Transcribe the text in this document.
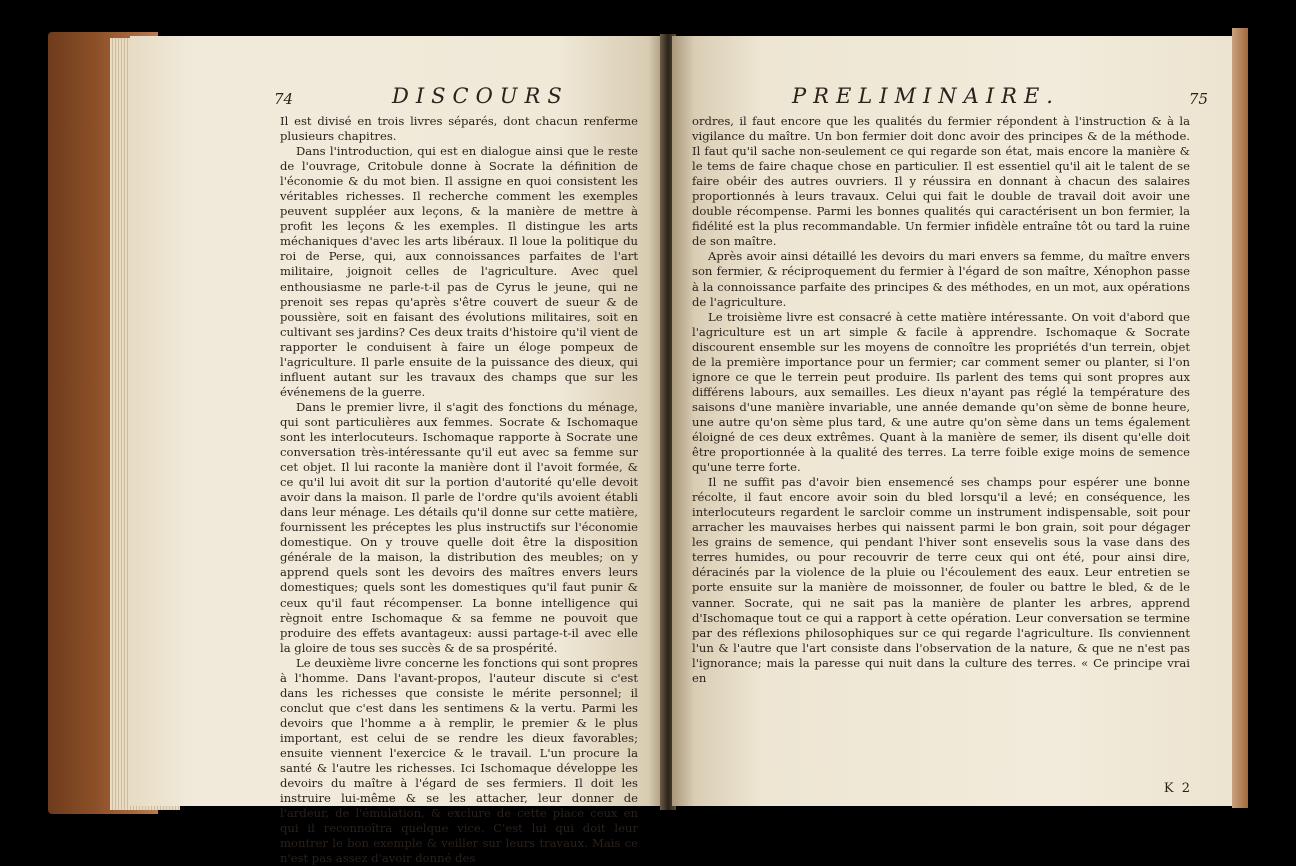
74	DISCOURS

Il est divisé en trois livres séparés, dont chacun renferme plusieurs chapitres.

Dans l'introduction, qui est en dialogue ainsi que le reste de l'ouvrage, Critobule donne à Socrate la définition de l'économie & du mot bien. Il assigne en quoi consistent les véritables richesses. Il recherche comment les exemples peuvent suppléer aux leçons, & la manière de mettre à profit les leçons & les exemples. Il distingue les arts méchaniques d'avec les arts libéraux. Il loue la politique du roi de Perse, qui, aux connoissances parfaites de l'art militaire, joignoit celles de l'agriculture. Avec quel enthousiasme ne parle-t-il pas de Cyrus le jeune, qui ne prenoit ses repas qu'après s'être couvert de sueur & de poussière, soit en faisant des évolutions militaires, soit en cultivant ses jardins? Ces deux traits d'histoire qu'il vient de rapporter le conduisent à faire un éloge pompeux de l'agriculture. Il parle ensuite de la puissance des dieux, qui influent autant sur les travaux des champs que sur les événemens de la guerre.

Dans le premier livre, il s'agit des fonctions du ménage, qui sont particulières aux femmes. Socrate & Ischomaque sont les interlocuteurs. Ischomaque rapporte à Socrate une conversation très-intéressante qu'il eut avec sa femme sur cet objet. Il lui raconte la manière dont il l'avoit formée, & ce qu'il lui avoit dit sur la portion d'autorité qu'elle devoit avoir dans la maison. Il parle de l'ordre qu'ils avoient établi dans leur ménage. Les détails qu'il donne sur cette matière, fournissent les préceptes les plus instructifs sur l'économie domestique. On y trouve quelle doit être la disposition générale de la maison, la distribution des meubles; on y apprend quels sont les devoirs des maîtres envers leurs domestiques; quels sont les domestiques qu'il faut punir & ceux qu'il faut récompenser. La bonne intelligence qui règnoit entre Ischomaque & sa femme ne pouvoit que produire des effets avantageux: aussi partage-t-il avec elle la gloire de tous ses succès & de sa prospérité.

Le deuxième livre concerne les fonctions qui sont propres à l'homme. Dans l'avant-propos, l'auteur discute si c'est dans les richesses que consiste le mérite personnel; il conclut que c'est dans les sentimens & la vertu. Parmi les devoirs que l'homme a à remplir, le premier & le plus important, est celui de se rendre les dieux favorables; ensuite viennent l'exercice & le travail. L'un procure la santé & l'autre les richesses. Ici Ischomaque développe les devoirs du maître à l'égard de ses fermiers. Il doit les instruire lui-même & se les attacher, leur donner de l'ardeur, de l'émulation, & exclure de cette place ceux en qui il reconnoîtra quelque vice. C'est lui qui doit leur montrer le bon exemple & veiller sur leurs travaux. Mais ce n'est pas assez d'avoir donné des

PRELIMINAIRE.	75

ordres, il faut encore que les qualités du fermier répondent à l'instruction & à la vigilance du maître. Un bon fermier doit donc avoir des principes & de la méthode. Il faut qu'il sache non-seulement ce qui regarde son état, mais encore la manière & le tems de faire chaque chose en particulier. Il est essentiel qu'il ait le talent de se faire obéir des autres ouvriers. Il y réussira en donnant à chacun des salaires proportionnés à leurs travaux. Celui qui fait le double de travail doit avoir une double récompense. Parmi les bonnes qualités qui caractérisent un bon fermier, la fidélité est la plus recommandable. Un fermier infidèle entraîne tôt ou tard la ruine de son maître.

Après avoir ainsi détaillé les devoirs du mari envers sa femme, du maître envers son fermier, & réciproquement du fermier à l'égard de son maître, Xénophon passe à la connoissance parfaite des principes & des méthodes, en un mot, aux opérations de l'agriculture.

Le troisième livre est consacré à cette matière intéressante. On voit d'abord que l'agriculture est un art simple & facile à apprendre. Ischomaque & Socrate discourent ensemble sur les moyens de connoître les propriétés d'un terrein, objet de la première importance pour un fermier; car comment semer ou planter, si l'on ignore ce que le terrein peut produire. Ils parlent des tems qui sont propres aux différens labours, aux semailles. Les dieux n'ayant pas réglé la température des saisons d'une manière invariable, une année demande qu'on sème de bonne heure, une autre qu'on sème plus tard, & une autre qu'on sème dans un tems également éloigné de ces deux extrêmes. Quant à la manière de semer, ils disent qu'elle doit être proportionnée à la qualité des terres. La terre foible exige moins de semence qu'une terre forte.

Il ne suffit pas d'avoir bien ensemencé ses champs pour espérer une bonne récolte, il faut encore avoir soin du bled lorsqu'il a levé; en conséquence, les interlocuteurs regardent le sarcloir comme un instrument indispensable, soit pour arracher les mauvaises herbes qui naissent parmi le bon grain, soit pour dégager les grains de semence, qui pendant l'hiver sont ensevelis sous la vase dans des terres humides, ou pour recouvrir de terre ceux qui ont été, pour ainsi dire, déracinés par la violence de la pluie ou l'écoulement des eaux. Leur entretien se porte ensuite sur la manière de moissonner, de fouler ou battre le bled, & de le vanner. Socrate, qui ne sait pas la manière de planter les arbres, apprend d'Ischomaque tout ce qui a rapport à cette opération. Leur conversation se termine par des réflexions philosophiques sur ce qui regarde l'agriculture. Ils conviennent l'un & l'autre que l'art consiste dans l'observation de la nature, & que ne n'est pas l'ignorance; mais la paresse qui nuit dans la culture des terres. « Ce principe vrai en

K 2
